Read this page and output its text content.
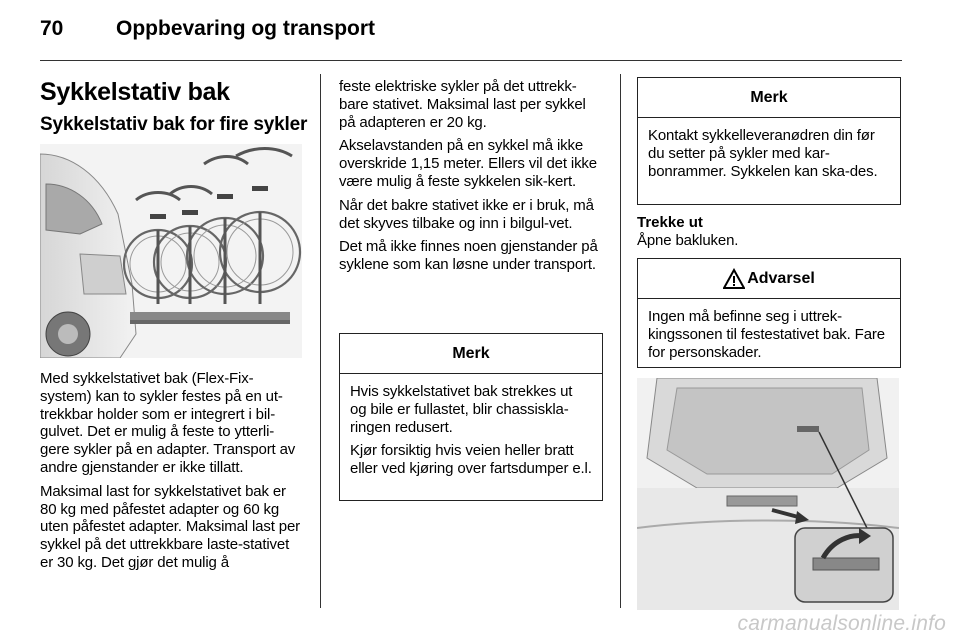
70	Oppbevaring og transport
Sykkelstativ bak
Sykkelstativ bak for fire sykler

Med sykkelstativet bak (Flex-Fix-system) kan to sykler festes på en ut-trekkbar holder som er integrert i bil-gulvet. Det er mulig å feste to ytterli-gere sykler på en adapter. Transport av andre gjenstander er ikke tillatt.

Maksimal last for sykkelstativet bak er 80 kg med påfestet adapter og 60 kg uten påfestet adapter. Maksimal last per sykkel på det uttrekkbare laste-stativet er 30 kg. Det gjør det mulig å

feste elektriske sykler på det uttrekk-bare stativet. Maksimal last per sykkel på adapteren er 20 kg.

Akselavstanden på en sykkel må ikke overskride 1,15 meter. Ellers vil det ikke være mulig å feste sykkelen sik-kert.

Når det bakre stativet ikke er i bruk, må det skyves tilbake og inn i bilgul-vet.

Det må ikke finnes noen gjenstander på syklene som kan løsne under transport.

Merk

Hvis sykkelstativet bak strekkes ut og bile er fullastet, blir chassiskla-ringen redusert.

Kjør forsiktig hvis veien heller bratt eller ved kjøring over fartsdumper e.l.

Merk

Kontakt sykkelleveranødren din før du setter på sykler med kar-bonrammer. Sykkelen kan ska-des.

Trekke ut
Åpne bakluken.
Advarsel

Ingen må befinne seg i uttrek-kingssonen til festestativet bak. Fare for personskader.

carmanualsonline.info
